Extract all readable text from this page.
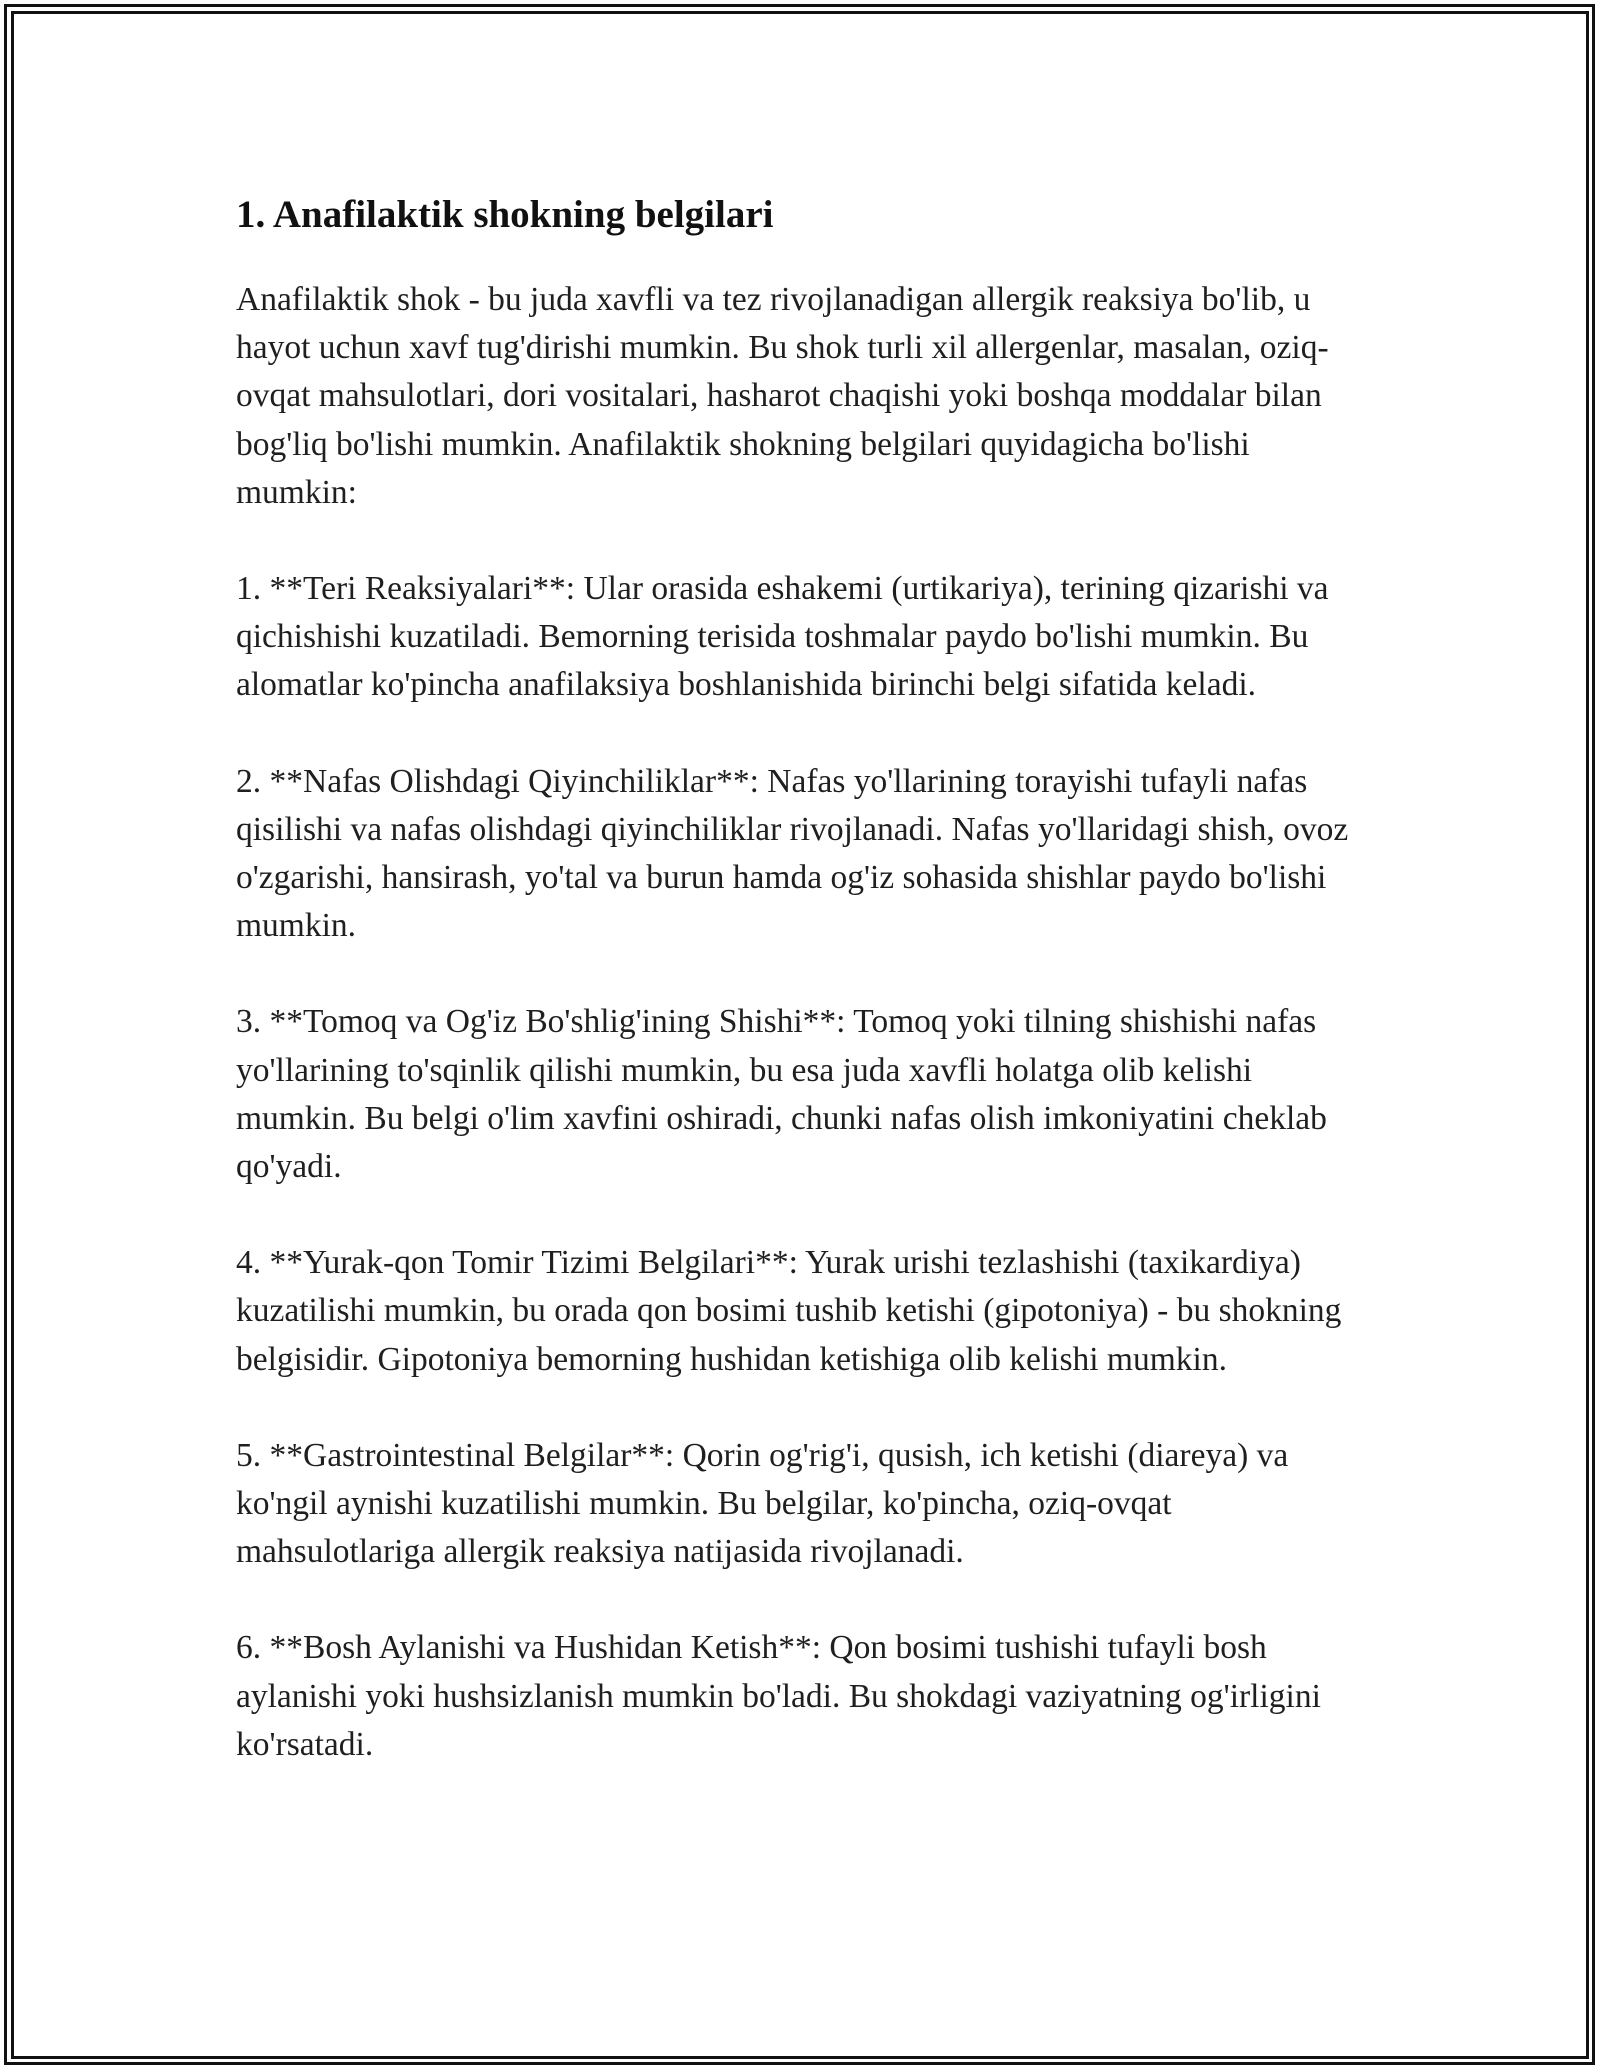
1. Anafilaktik shokning belgilari

Anafilaktik shok - bu juda xavfli va tez rivojlanadigan allergik reaksiya bo'lib, u hayot uchun xavf tug'dirishi mumkin. Bu shok turli xil allergenlar, masalan, oziq-ovqat mahsulotlari, dori vositalari, hasharot chaqishi yoki boshqa moddalar bilan bog'liq bo'lishi mumkin. Anafilaktik shokning belgilari quyidagicha bo'lishi mumkin:

1. **Teri Reaksiyalari**: Ular orasida eshakemi (urtikariya), terining qizarishi va qichishishi kuzatiladi. Bemorning terisida toshmalar paydo bo'lishi mumkin. Bu alomatlar ko'pincha anafilaksiya boshlanishida birinchi belgi sifatida keladi.

2. **Nafas Olishdagi Qiyinchiliklar**: Nafas yo'llarining torayishi tufayli nafas qisilishi va nafas olishdagi qiyinchiliklar rivojlanadi. Nafas yo'llaridagi shish, ovoz o'zgarishi, hansirash, yo'tal va burun hamda og'iz sohasida shishlar paydo bo'lishi mumkin.

3. **Tomoq va Og'iz Bo'shlig'ining Shishi**: Tomoq yoki tilning shishishi nafas yo'llarining to'sqinlik qilishi mumkin, bu esa juda xavfli holatga olib kelishi mumkin. Bu belgi o'lim xavfini oshiradi, chunki nafas olish imkoniyatini cheklab qo'yadi.

4. **Yurak-qon Tomir Tizimi Belgilari**: Yurak urishi tezlashishi (taxikardiya) kuzatilishi mumkin, bu orada qon bosimi tushib ketishi (gipotoniya) - bu shokning belgisidir. Gipotoniya bemorning hushidan ketishiga olib kelishi mumkin.

5. **Gastrointestinal Belgilar**: Qorin og'rig'i, qusish, ich ketishi (diareya) va ko'ngil aynishi kuzatilishi mumkin. Bu belgilar, ko'pincha, oziq-ovqat mahsulotlariga allergik reaksiya natijasida rivojlanadi.

6. **Bosh Aylanishi va Hushidan Ketish**: Qon bosimi tushishi tufayli bosh aylanishi yoki hushsizlanish mumkin bo'ladi. Bu shokdagi vaziyatning og'irligini ko'rsatadi.
